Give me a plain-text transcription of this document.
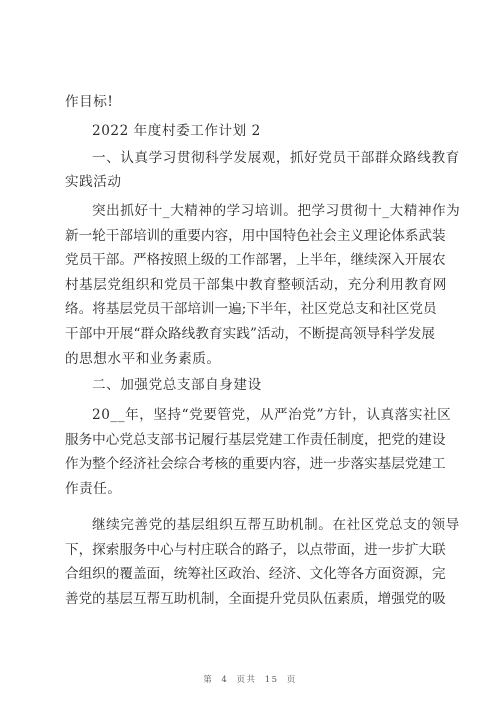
作目标!
2022 年度村委工作计划 2
一、认真学习贯彻科学发展观，抓好党员干部群众路线教育
实践活动
突出抓好十_大精神的学习培训。把学习贯彻十_大精神作为
新一轮干部培训的重要内容，用中国特色社会主义理论体系武装
党员干部。严格按照上级的工作部署，上半年，继续深入开展农
村基层党组织和党员干部集中教育整顿活动，充分利用教育网
络。将基层党员干部培训一遍;下半年，社区党总支和社区党员
干部中开展“群众路线教育实践”活动，不断提高领导科学发展
的思想水平和业务素质。
二、加强党总支部自身建设
20__年，坚持“党要管党，从严治党”方针，认真落实社区
服务中心党总支部书记履行基层党建工作责任制度，把党的建设
作为整个经济社会综合考核的重要内容，进一步落实基层党建工
作责任。
继续完善党的基层组织互帮互助机制。在社区党总支的领导
下，探索服务中心与村庄联合的路子，以点带面，进一步扩大联
合组织的覆盖面，统筹社区政治、经济、文化等各方面资源，完
善党的基层互帮互助机制，全面提升党员队伍素质，增强党的吸
第 4 页共 15 页
